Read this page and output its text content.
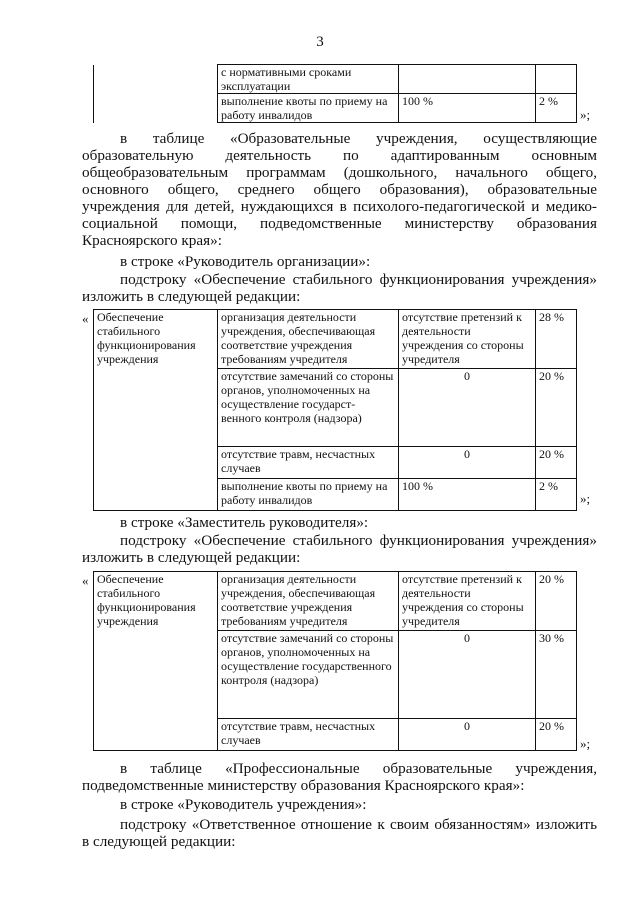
3
	с нормативными сроками эксплуатации		
	выполнение квоты по приему на работу инвалидов	100 %	2 %
»;
в таблице «Образовательные учреждения, осуществляющие
образовательную деятельность по адаптированным основным
общеобразовательным программам (дошкольного, начального общего,
основного общего, среднего общего образования), образовательные
учреждения для детей, нуждающихся в психолого-педагогической и медико-
социальной помощи, подведомственные министерству образования
Красноярского края»:
в строке «Руководитель организации»:
подстроку «Обеспечение стабильного функционирования учреждения»
изложить в следующей редакции:
« Обеспечение стабильного функционирования учреждения	организация деятельности учреждения, обеспечивающая соответствие учреждения требованиям учредителя	отсутствие претензий к деятельности учреждения со стороны учредителя	28 %
	отсутствие замечаний со стороны органов, уполномоченных на осуществление государст-венного контроля (надзора)	0	20 %
	отсутствие травм, несчастных случаев	0	20 %
	выполнение квоты по приему на работу инвалидов	100 %	2 %
»;
в строке «Заместитель руководителя»:
подстроку «Обеспечение стабильного функционирования учреждения»
изложить в следующей редакции:
« Обеспечение стабильного функционирования учреждения	организация деятельности учреждения, обеспечивающая соответствие учреждения требованиям учредителя	отсутствие претензий к деятельности учреждения со стороны учредителя	20 %
	отсутствие замечаний со стороны органов, уполномоченных на осуществление государственного контроля (надзора)	0	30 %
	отсутствие травм, несчастных случаев	0	20 %
»;
в таблице «Профессиональные образовательные учреждения,
подведомственные министерству образования Красноярского края»:
в строке «Руководитель учреждения»:
подстроку «Ответственное отношение к своим обязанностям» изложить
в следующей редакции:
